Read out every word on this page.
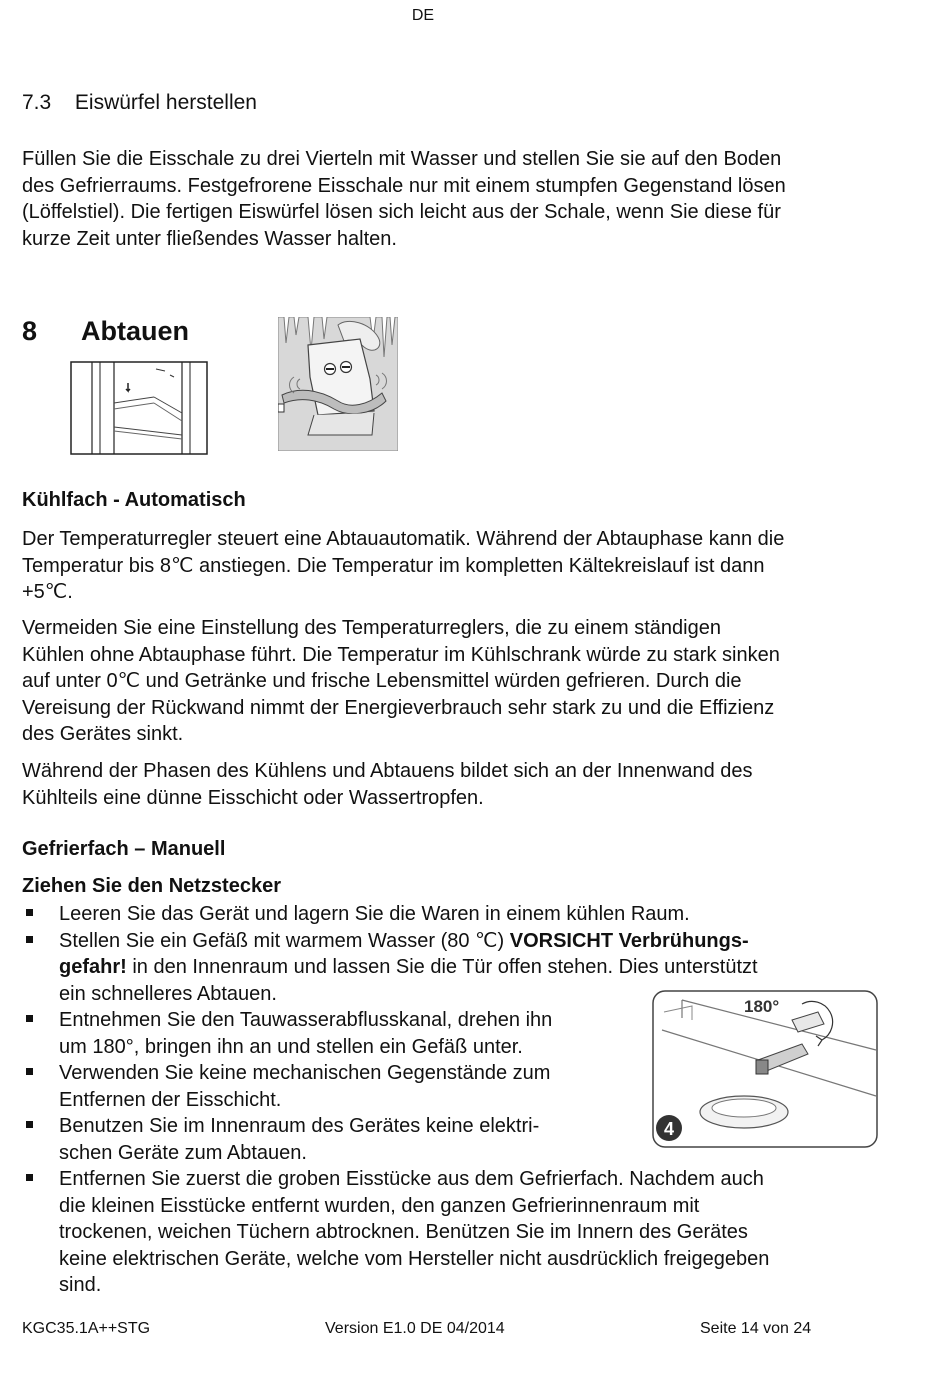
DE
7.3 Eiswürfel herstellen
Füllen Sie die Eisschale zu drei Vierteln mit Wasser und stellen Sie sie auf den Boden
des Gefrierraums. Festgefrorene Eisschale nur mit einem stumpfen Gegenstand lösen
(Löffelstiel). Die fertigen Eiswürfel lösen sich leicht aus der Schale, wenn Sie diese für
kurze Zeit unter fließendes Wasser halten.
8 Abtauen
Kühlfach - Automatisch
Der Temperaturregler steuert eine Abtauautomatik. Während der Abtauphase kann die
Temperatur bis 8℃ anstiegen. Die Temperatur im kompletten Kältekreislauf ist dann
+5℃.
Vermeiden Sie eine Einstellung des Temperaturreglers, die zu einem ständigen
Kühlen ohne Abtauphase führt. Die Temperatur im Kühlschrank würde zu stark sinken
auf unter 0℃ und Getränke und frische Lebensmittel würden gefrieren. Durch die
Vereisung der Rückwand nimmt der Energieverbrauch sehr stark zu und die Effizienz
des Gerätes sinkt.
Während der Phasen des Kühlens und Abtauens bildet sich an der Innenwand des
Kühlteils eine dünne Eisschicht oder Wassertropfen.
Gefrierfach – Manuell
Ziehen Sie den Netzstecker
Leeren Sie das Gerät und lagern Sie die Waren in einem kühlen Raum.
Stellen Sie ein Gefäß mit warmem Wasser (80 ℃) VORSICHT Verbrühungs-
gefahr! in den Innenraum und lassen Sie die Tür offen stehen. Dies unterstützt
ein schnelleres Abtauen.
Entnehmen Sie den Tauwasserabflusskanal, drehen ihn
um 180°, bringen ihn an und stellen ein Gefäß unter.
Verwenden Sie keine mechanischen Gegenstände zum
Entfernen der Eisschicht.
Benutzen Sie im Innenraum des Gerätes keine elektri-
schen Geräte zum Abtauen.
Entfernen Sie zuerst die groben Eisstücke aus dem Gefrierfach. Nachdem auch
die kleinen Eisstücke entfernt wurden, den ganzen Gefrierinnenraum mit
trockenen, weichen Tüchern abtrocknen. Benützen Sie im Innern des Gerätes
keine elektrischen Geräte, welche vom Hersteller nicht ausdrücklich freigegeben
sind.
180°
4
KGC35.1A++STG	Version E1.0 DE 04/2014	Seite 14 von 24
